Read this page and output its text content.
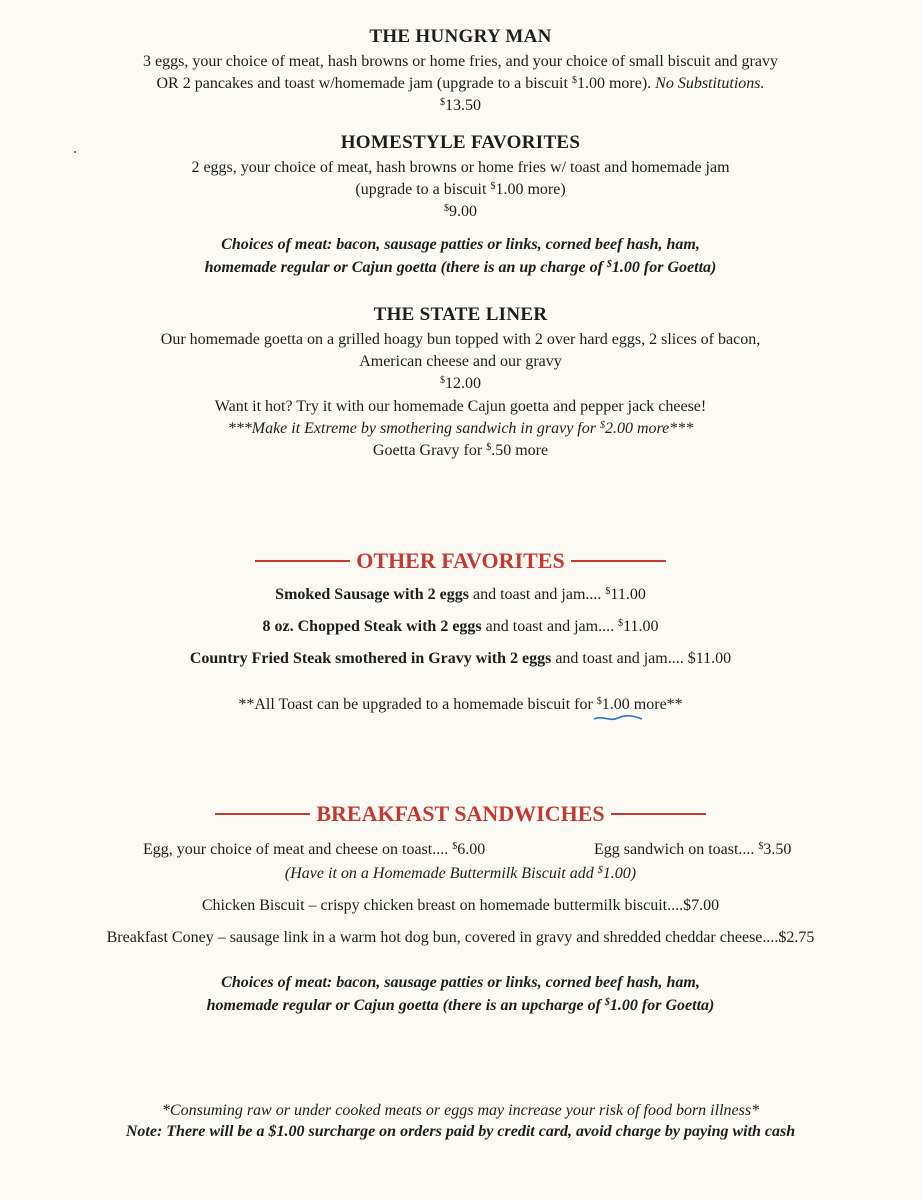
THE HUNGRY MAN
3 eggs, your choice of meat, hash browns or home fries, and your choice of small biscuit and gravy
OR 2 pancakes and toast w/homemade jam (upgrade to a biscuit $1.00 more). No Substitutions.
$13.50
HOMESTYLE FAVORITES
2 eggs, your choice of meat, hash browns or home fries w/ toast and homemade jam
(upgrade to a biscuit $1.00 more)
$9.00
Choices of meat: bacon, sausage patties or links, corned beef hash, ham,
homemade regular or Cajun goetta (there is an up charge of $1.00 for Goetta)
THE STATE LINER
Our homemade goetta on a grilled hoagy bun topped with 2 over hard eggs, 2 slices of bacon,
American cheese and our gravy
$12.00
Want it hot? Try it with our homemade Cajun goetta and pepper jack cheese!
***Make it Extreme by smothering sandwich in gravy for $2.00 more***
Goetta Gravy for $.50 more
OTHER FAVORITES
Smoked Sausage with 2 eggs and toast and jam.... $11.00
8 oz. Chopped Steak with 2 eggs and toast and jam.... $11.00
Country Fried Steak smothered in Gravy with 2 eggs and toast and jam.... $11.00
**All Toast can be upgraded to a homemade biscuit for $1.00 more**
BREAKFAST SANDWICHES
Egg, your choice of meat and cheese on toast.... $6.00	Egg sandwich on toast.... $3.50
(Have it on a Homemade Buttermilk Biscuit add $1.00)
Chicken Biscuit – crispy chicken breast on homemade buttermilk biscuit....$7.00
Breakfast Coney – sausage link in a warm hot dog bun, covered in gravy and shredded cheddar cheese....$2.75
Choices of meat: bacon, sausage patties or links, corned beef hash, ham,
homemade regular or Cajun goetta (there is an upcharge of $1.00 for Goetta)
*Consuming raw or under cooked meats or eggs may increase your risk of food born illness*
Note: There will be a $1.00 surcharge on orders paid by credit card, avoid charge by paying with cash
